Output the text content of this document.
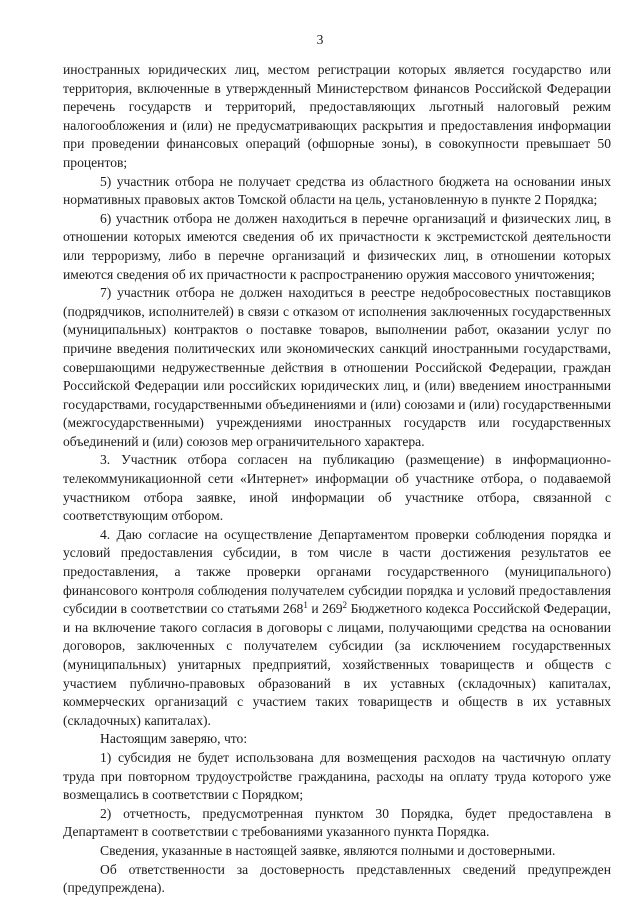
3

иностранных юридических лиц, местом регистрации которых является государство или территория, включенные в утвержденный Министерством финансов Российской Федерации перечень государств и территорий, предоставляющих льготный налоговый режим налогообложения и (или) не предусматривающих раскрытия и предоставления информации при проведении финансовых операций (офшорные зоны), в совокупности превышает 50 процентов;

5) участник отбора не получает средства из областного бюджета на основании иных нормативных правовых актов Томской области на цель, установленную в пункте 2 Порядка;

6) участник отбора не должен находиться в перечне организаций и физических лиц, в отношении которых имеются сведения об их причастности к экстремистской деятельности или терроризму, либо в перечне организаций и физических лиц, в отношении которых имеются сведения об их причастности к распространению оружия массового уничтожения;

7) участник отбора не должен находиться в реестре недобросовестных поставщиков (подрядчиков, исполнителей) в связи с отказом от исполнения заключенных государственных (муниципальных) контрактов о поставке товаров, выполнении работ, оказании услуг по причине введения политических или экономических санкций иностранными государствами, совершающими недружественные действия в отношении Российской Федерации, граждан Российской Федерации или российских юридических лиц, и (или) введением иностранными государствами, государственными объединениями и (или) союзами и (или) государственными (межгосударственными) учреждениями иностранных государств или государственных объединений и (или) союзов мер ограничительного характера.

3. Участник отбора согласен на публикацию (размещение) в информационно-телекоммуникационной сети «Интернет» информации об участнике отбора, о подаваемой участником отбора заявке, иной информации об участнике отбора, связанной с соответствующим отбором.

4. Даю согласие на осуществление Департаментом проверки соблюдения порядка и условий предоставления субсидии, в том числе в части достижения результатов ее предоставления, а также проверки органами государственного (муниципального) финансового контроля соблюдения получателем субсидии порядка и условий предоставления субсидии в соответствии со статьями $268^1$ и $269^2$ Бюджетного кодекса Российской Федерации, и на включение такого согласия в договоры с лицами, получающими средства на основании договоров, заключенных с получателем субсидии (за исключением государственных (муниципальных) унитарных предприятий, хозяйственных товариществ и обществ с участием публично-правовых образований в их уставных (складочных) капиталах, коммерческих организаций с участием таких товариществ и обществ в их уставных (складочных) капиталах).

Настоящим заверяю, что:

1) субсидия не будет использована для возмещения расходов на частичную оплату труда при повторном трудоустройстве гражданина, расходы на оплату труда которого уже возмещались в соответствии с Порядком;

2) отчетность, предусмотренная пунктом 30 Порядка, будет предоставлена в Департамент в соответствии с требованиями указанного пункта Порядка.

Сведения, указанные в настоящей заявке, являются полными и достоверными.

Об ответственности за достоверность представленных сведений предупрежден (предупреждена).
